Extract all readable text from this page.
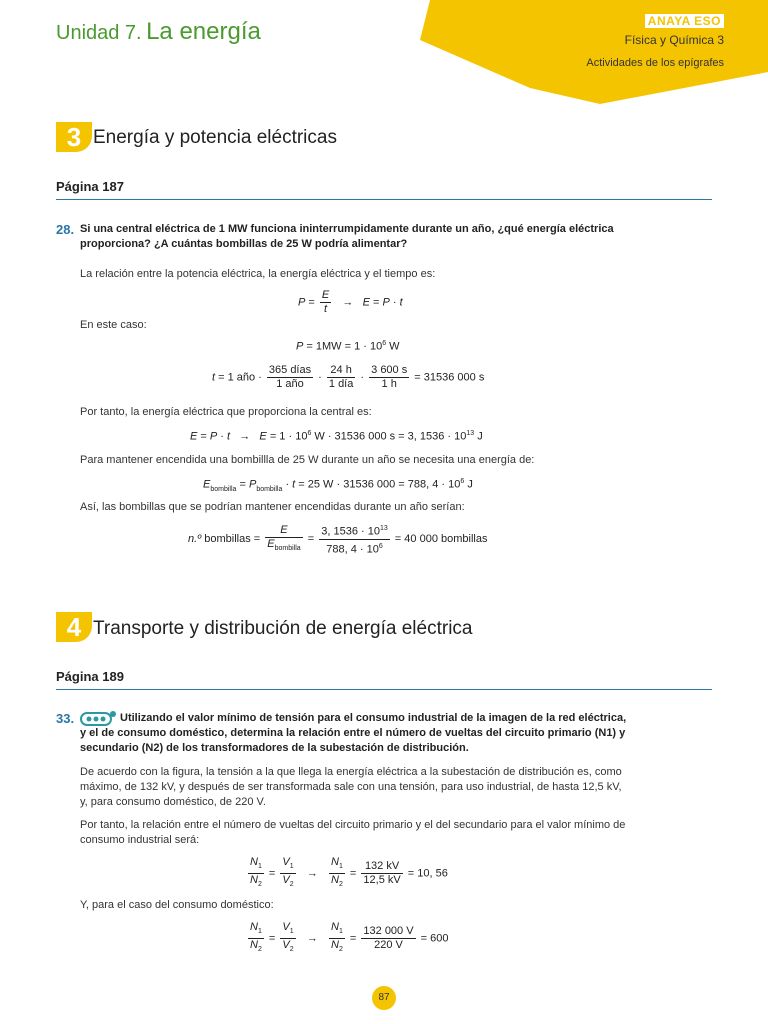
Unidad 7. La energía	ANAYA ESO
Física y Química 3
Actividades de los epígrafes
3 Energía y potencia eléctricas
Página 187
28. Si una central eléctrica de 1 MW funciona ininterrumpidamente durante un año, ¿qué energía eléctrica proporciona? ¿A cuántas bombillas de 25 W podría alimentar?
La relación entre la potencia eléctrica, la energía eléctrica y el tiempo es:
$P = \frac{E}{t} \to E = P \cdot t$
En este caso:
$P = 1MW = 1 \cdot 10^6$ W
t = 1 año · $\frac{\text{365 días}}{\text{1 año}} \cdot \frac{24 h}{\text{1 día}} \cdot \frac{3 600 s}{1 h} = 31536$ 000 s
Por tanto, la energía eléctrica que proporciona la central es:
$E = P \cdot t \to E = 1 \cdot 10^6$ W · 31536 000 s = 3, $1536 \cdot 10^{13}$ J
Para mantener encendida una bombillla de 25 W durante un año se necesita una energía de:
$E_{bombilla} = P_{bombilla} \cdot t = 25$ W · 31536 000 = 788, $4 \cdot 10^6$ J
Así, las bombillas que se podrían mantener encendidas durante un año serían:
n.º bombillas = $\frac{E}{E_{bombilla}} = \frac{3, 1536 \cdot 10^{13}}{788, 4 \cdot 10^6} = 40$ 000 bombillas
4 Transporte y distribución de energía eléctrica
Página 189
33.	Utilizando el valor mínimo de tensión para el consumo industrial de la imagen de la red eléctrica, y el de consumo doméstico, determina la relación entre el número de vueltas del circuito primario (N1) y secundario (N2) de los transformadores de la subestación de distribución.
De acuerdo con la figura, la tensión a la que llega la energía eléctrica a la subestación de distribución es, como máximo, de 132 kV, y después de ser transformada sale con una tensión, para uso industrial, de hasta 12,5 kV, y, para consumo doméstico, de 220 V.
Por tanto, la relación entre el número de vueltas del circuito primario y el del secundario para el valor mínimo de consumo industrial será:
$\frac{N_1}{N_2} = \frac{V_1}{V_2} \to \frac{N_1}{N_2} = \frac{132 kV}{12,5 kV} = 10$, 56
Y, para el caso del consumo doméstico:
$\frac{N_1}{N_2} = \frac{V_1}{V_2} \to \frac{N_1}{N_2} = \frac{132 000 V}{220 V} = 600$
87
